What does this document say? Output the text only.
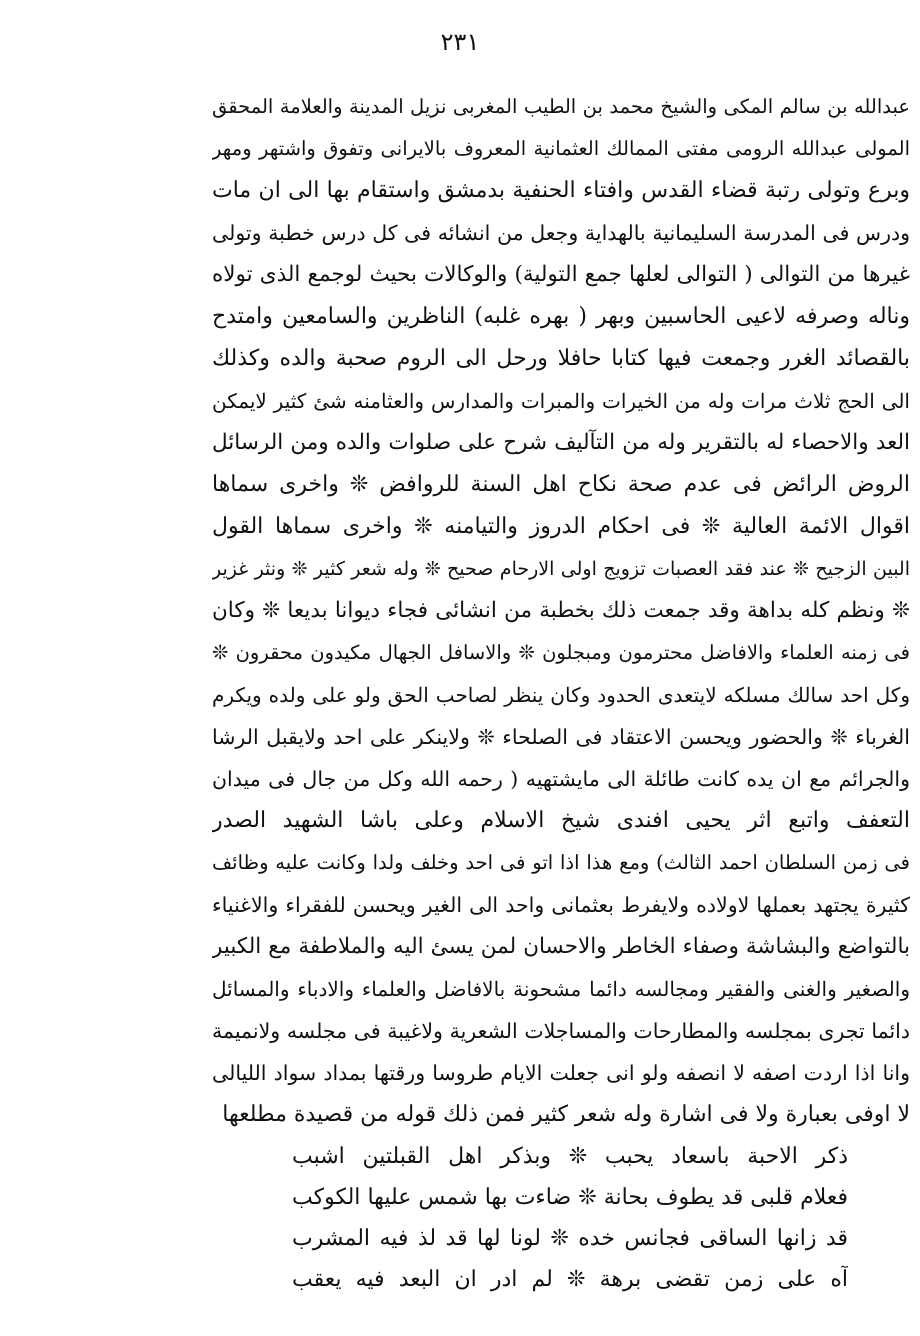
٢٣١
عبدالله بن سالم المكى والشيخ محمد بن الطيب المغربى نزيل المدينة والعلامة المحقق
المولى عبدالله الرومى مفتى الممالك العثمانية المعروف بالايرانى وتفوق واشتهر ومهر
وبرع وتولى رتبة قضاء القدس وافتاء الحنفية بدمشق واستقام بها الى ان مات
ودرس فى المدرسة السليمانية بالهداية وجعل من انشائه فى كل درس خطبة وتولى
غيرها من التوالى ( التوالى لعلها جمع التولية) والوكالات بحيث لوجمع الذى تولاه
وناله وصرفه لاعيى الحاسبين وبهر ( بهره غلبه) الناظرين والسامعين وامتدح
بالقصائد الغرر وجمعت فيها كتابا حافلا ورحل الى الروم صحبة والده وكذلك
الى الحج ثلاث مرات وله من الخيرات والمبرات والمدارس والعثامنه شئ كثير لايمكن
العد والاحصاء له بالتقرير وله من التآليف شرح على صلوات والده ومن الرسائل
الروض الرائض فى عدم صحة نكاح اهل السنة للروافض ❊ واخرى سماها
اقوال الائمة العالية ❊ فى احكام الدروز والتيامنه ❊ واخرى سماها القول
البين الزجيح ❊ عند فقد العصبات تزويج اولى الارحام صحيح ❊ وله شعر كثير ❊ ونثر غزير
❊ ونظم كله بداهة وقد جمعت ذلك بخطبة من انشائى فجاء ديوانا بديعا ❊ وكان
فى زمنه العلماء والافاضل محترمون ومبجلون ❊ والاسافل الجهال مكيدون محقرون ❊
وكل احد سالك مسلكه لايتعدى الحدود وكان ينظر لصاحب الحق ولو على ولده ويكرم
الغرباء ❊ والحضور ويحسن الاعتقاد فى الصلحاء ❊ ولاينكر على احد ولايقبل الرشا
والجرائم مع ان يده كانت طائلة الى مايشتهيه ( رحمه الله وكل من جال فى ميدان
التعفف واتبع اثر يحيى افندى شيخ الاسلام وعلى باشا الشهيد الصدر
فى زمن السلطان احمد الثالث) ومع هذا اذا اتو فى احد وخلف ولدا وكانت عليه وظائف
كثيرة يجتهد بعملها لاولاده ولايفرط بعثمانى واحد الى الغير ويحسن للفقراء والاغنياء
بالتواضع والبشاشة وصفاء الخاطر والاحسان لمن يسئ اليه والملاطفة مع الكبير
والصغير والغنى والفقير ومجالسه دائما مشحونة بالافاضل والعلماء والادباء والمسائل
دائما تجرى بمجلسه والمطارحات والمساجلات الشعرية ولاغيبة فى مجلسه ولانميمة
وانا اذا اردت اصفه لا انصفه ولو انى جعلت الايام طروسا ورقتها بمداد سواد الليالى
لا اوفى بعبارة ولا فى اشارة وله شعر كثير فمن ذلك قوله من قصيدة مطلعها
ذكر الاحبة باسعاد يحبب ❊ وبذكر اهل القبلتين اشبب
فعلام قلبى قد يطوف بحانة ❊ ضاءت بها شمس عليها الكوكب
قد زانها الساقى فجانس خده ❊ لونا لها قد لذ فيه المشرب
آه على زمن تقضى برهة ❊ لم ادر ان البعد فيه يعقب
